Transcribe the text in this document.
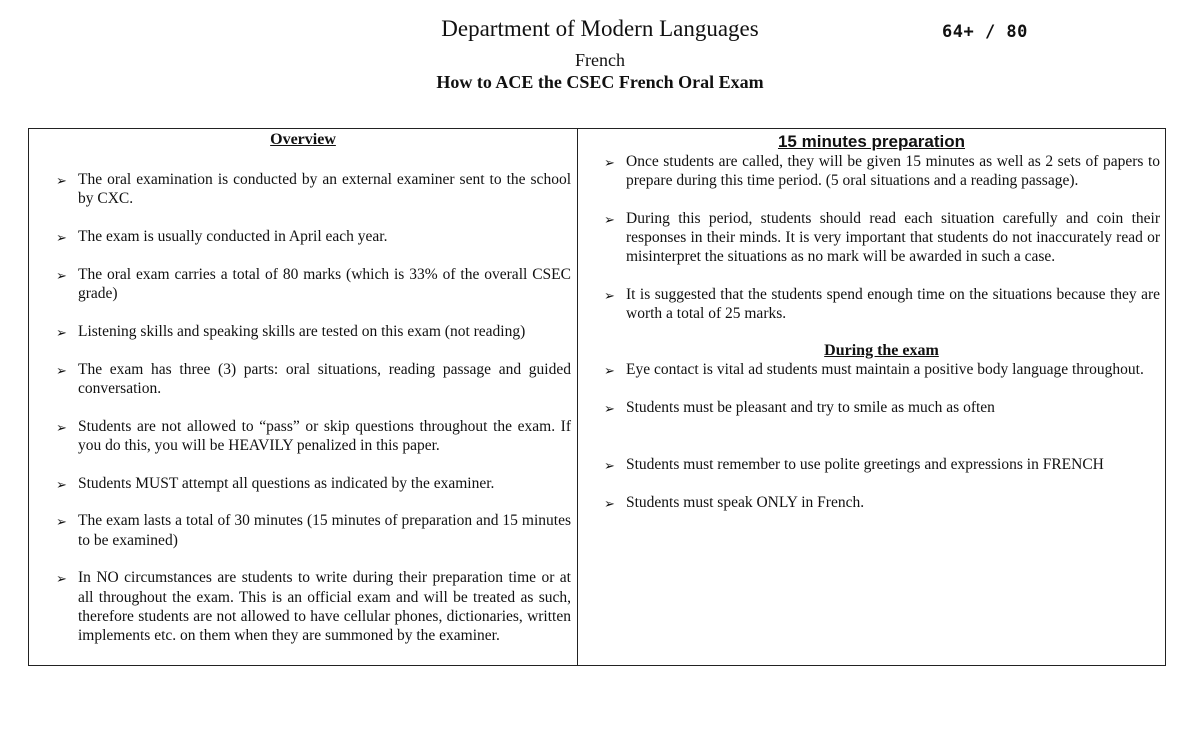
Department of Modern Languages	64+ / 80
French
How to ACE the CSEC French Oral Exam
Overview
➢ The oral examination is conducted by an external examiner sent to the school by CXC.
➢ The exam is usually conducted in April each year.
➢ The oral exam carries a total of 80 marks (which is 33% of the overall CSEC grade)
➢ Listening skills and speaking skills are tested on this exam (not reading)
➢ The exam has three (3) parts: oral situations, reading passage and guided conversation.
➢ Students are not allowed to “pass” or skip questions throughout the exam. If you do this, you will be HEAVILY penalized in this paper.
➢ Students MUST attempt all questions as indicated by the examiner.
➢ The exam lasts a total of 30 minutes (15 minutes of preparation and 15 minutes to be examined)
➢ In NO circumstances are students to write during their preparation time or at all throughout the exam. This is an official exam and will be treated as such, therefore students are not allowed to have cellular phones, dictionaries, written implements etc. on them when they are summoned by the examiner.
15 minutes preparation
➢ Once students are called, they will be given 15 minutes as well as 2 sets of papers to prepare during this time period. (5 oral situations and a reading passage).
➢ During this period, students should read each situation carefully and coin their responses in their minds. It is very important that students do not inaccurately read or misinterpret the situations as no mark will be awarded in such a case.
➢ It is suggested that the students spend enough time on the situations because they are worth a total of 25 marks.
During the exam
➢ Eye contact is vital ad students must maintain a positive body language throughout.
➢ Students must be pleasant and try to smile as much as often
➢ Students must remember to use polite greetings and expressions in FRENCH
➢ Students must speak ONLY in French.
